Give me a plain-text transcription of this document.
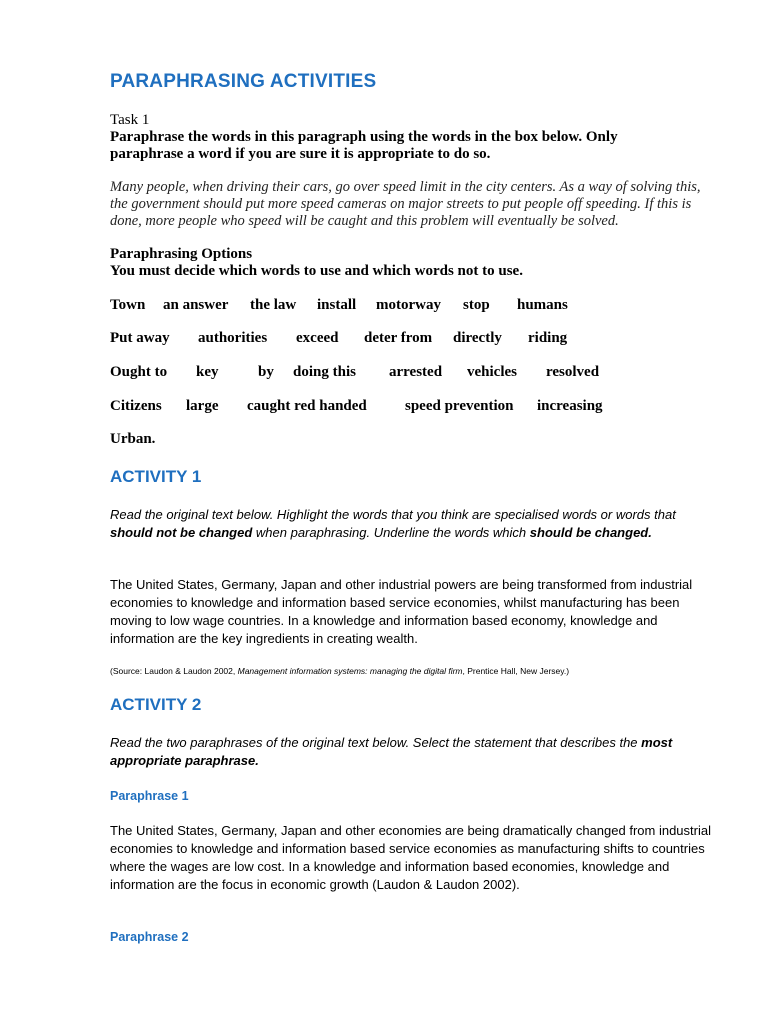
PARAPHRASING ACTIVITIES
Task 1
Paraphrase the words in this paragraph using the words in the box below. Only paraphrase a word if you are sure it is appropriate to do so.
Many people, when driving their cars, go over speed limit in the city centers. As a way of solving this, the government should put more speed cameras on major streets to put people off speeding. If this is done, more people who speed will be caught and this problem will eventually be solved.
Paraphrasing Options
You must decide which words to use and which words not to use.
Town an answer the law install motorway stop humans
Put away authorities exceed deter from directly riding
Ought to key	by doing this arrested vehicles resolved
Citizens large caught red handed	speed prevention increasing
Urban.
ACTIVITY 1
Read the original text below. Highlight the words that you think are specialised words or words that should not be changed when paraphrasing. Underline the words which should be changed.
The United States, Germany, Japan and other industrial powers are being transformed from industrial economies to knowledge and information based service economies, whilst manufacturing has been moving to low wage countries. In a knowledge and information based economy, knowledge and information are the key ingredients in creating wealth.
(Source: Laudon & Laudon 2002, Management information systems: managing the digital firm, Prentice Hall, New Jersey.)
ACTIVITY 2
Read the two paraphrases of the original text below. Select the statement that describes the most appropriate paraphrase.
Paraphrase 1
The United States, Germany, Japan and other economies are being dramatically changed from industrial economies to knowledge and information based service economies as manufacturing shifts to countries where the wages are low cost. In a knowledge and information based economies, knowledge and information are the focus in economic growth (Laudon & Laudon 2002).
Paraphrase 2
